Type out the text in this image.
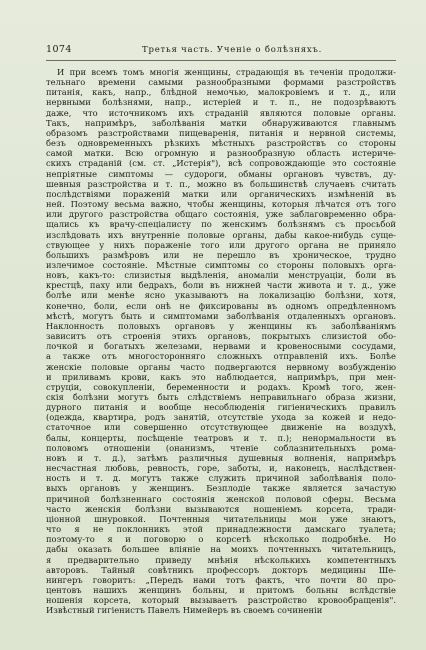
1074	Третья часть. Ученіе о болѣзняхъ.
И при всемъ томъ многія женщины, страдающія въ теченіи продолжи-
тельнаго времени самыми разнообразными формами разстройствъ
питанія, какъ, напр., блѣдной немочью, малокровіемъ и т. д., или
нервными болѣзнями, напр., истеріей и т. п., не подозрѣваютъ
даже, что источникомъ ихъ страданій являются половые органы.
Такъ, напримѣръ, заболѣванія матки обнаруживаются главнымъ
образомъ разстройствами пищеваренія, питанія и нервной системы,
безъ одновременныхъ рѣзкихъ мѣстныхъ разстройствъ со стороны
самой матки. Всю огромную и разнообразную область истериче-
скихъ страданій (см. ст. „Истерія"), всѣ сопровождающіе это состояніе
непріятные симптомы — судороги, обманы органовъ чувствъ, ду-
шевныя разстройства и т. п., можно въ большинствѣ случаевъ считать
послѣдствіями пораженій матки или органическихъ измѣненій въ
ней. Поэтому весьма важно, чтобы женщины, которыя лѣчатся отъ того
или другого разстройства общаго состоянія, уже заблаговременно обра-
щались къ врачу-спеціалисту по женскимъ болѣзнямъ съ просьбой
изслѣдовать ихъ внутренніе половые органы, дабы какое-нибудь суще-
ствующее у нихъ пораженіе того или другого органа не приняло
большихъ размѣровъ или не перешло въ хроническое, трудно
излечимое состояніе. Мѣстные симптомы со стороны половыхъ орга-
новъ, какъ-то: слизистыя выдѣленія, аномаліи менструаціи, боли въ
крестцѣ, паху или бедрахъ, боли въ нижней части живота и т. д., уже
болѣе или менѣе ясно указываютъ на локализацію болѣзни, хотя,
конечно, боли, если онѣ не фиксированы въ одномъ опредѣленномъ
мѣстѣ, могутъ быть и симптомами заболѣванія отдаленныхъ органовъ.
Наклонность половыхъ органовъ у женщины къ заболѣваніямъ
зависитъ отъ строенія этихъ органовъ, покрытыхъ слизистой обо-
лочкой и богатыхъ железами, нервами и кровеносными сосудами,
а также отъ многосторонняго сложныхъ отправленій ихъ. Болѣе
женскіе половые органы часто подвергаются нервному возбужденію
и приливамъ крови, какъ это наблюдается, напримѣръ, при мен-
струціи, совокупленіи, беременности и родахъ. Кромѣ того, жен-
скія болѣзни могутъ быть слѣдствіемъ неправильнаго образа жизни,
дурного питанія и вообще несоблюденія гигіеническихъ правилъ
(одежда, квартира, родъ занятій, отсутствіе ухода за кожей и недо-
статочное или совершенно отсутствующее движеніе на воздухѣ,
балы, концерты, посѣщеніе театровъ и т. п.); ненормальности въ
половомъ отношеніи (онанизмъ, чтеніе соблазнительныхъ рома-
новъ и т. д.), затѣмъ различныя душевныя волненія, напримѣръ
несчастная любовь, ревность, горе, заботы, и, наконецъ, наслѣдствен-
ность и т. д. могутъ также служить причиной заболѣванія поло-
выхъ органовъ у женщинъ. Безплодіе также является зачастую
причиной болѣзненнаго состоянія женской половой сферы. Весьма
часто женскія болѣзни вызываются ношеніемъ корсета, тради-
ціонной шнуровкой. Почтенныя читательницы мои уже знаютъ,
что я не поклонникъ этой принадлежности дамскаго туалета;
поэтому-то я и поговорю о корсетѣ нѣсколько подробнѣе. Но
дабы оказать большее вліяніе на моихъ почтенныхъ читательницъ,
я предварительно приведу мнѣнія нѣсколькихъ компетентныхъ
авторовъ. Тайный совѣтникъ профессоръ докторъ медицины Ше-
нингеръ говоритъ: „Передъ нами тотъ фактъ, что почти 80 про-
центовъ нашихъ женщинъ больны, и притомъ больны вслѣдствіе
ношенія корсета, который вызываетъ разстройство кровообращенія".
Извѣстный гигіенистъ Павелъ Нимейеръ въ своемъ сочиненіи
